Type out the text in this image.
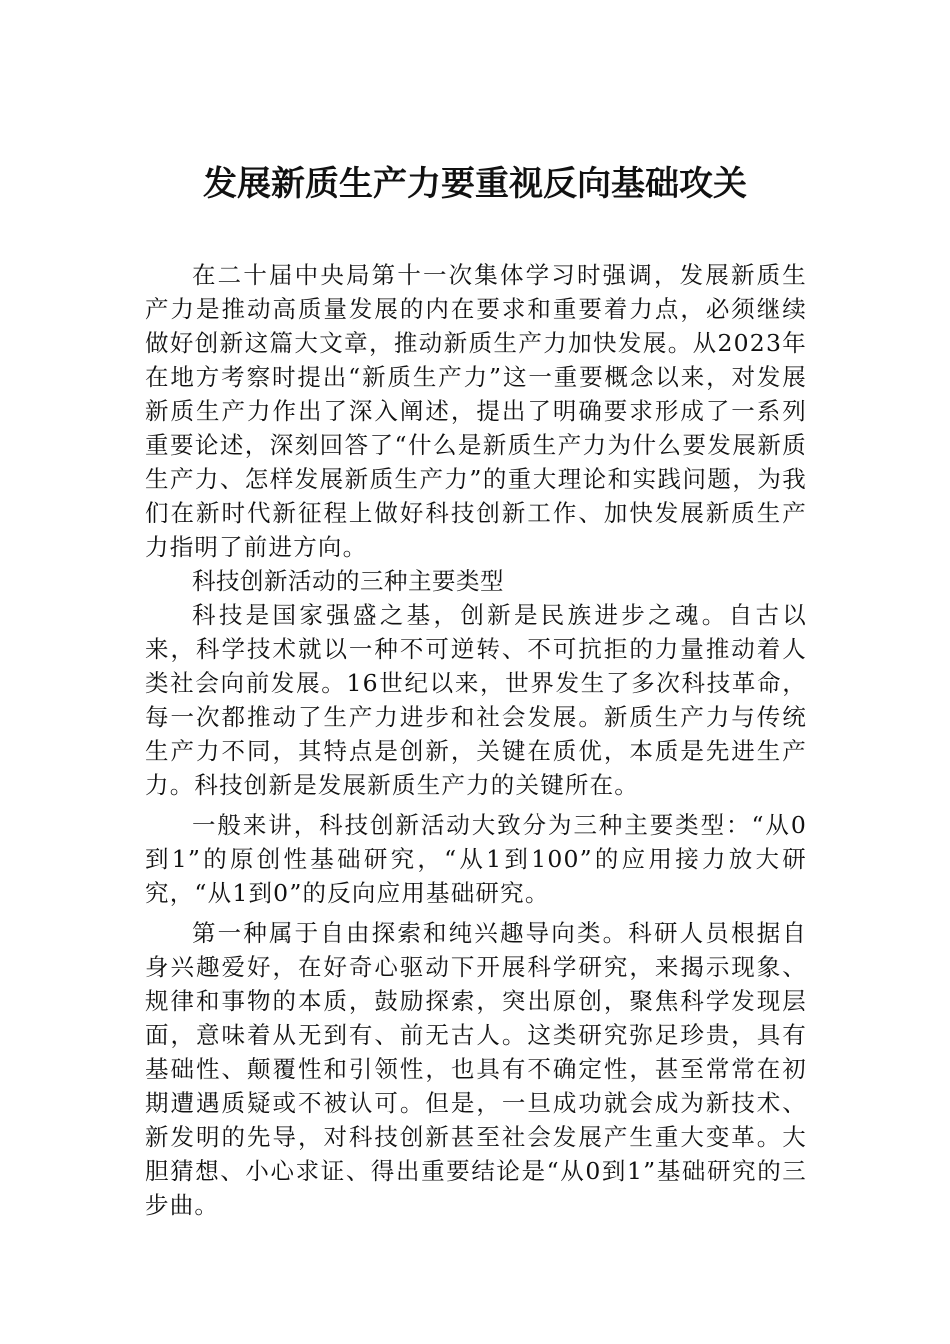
发展新质生产力要重视反向基础攻关

在二十届中央局第十一次集体学习时强调，发展新质生产力是推动高质量发展的内在要求和重要着力点，必须继续做好创新这篇大文章，推动新质生产力加快发展。从2023年在地方考察时提出“新质生产力”这一重要概念以来，对发展新质生产力作出了深入阐述，提出了明确要求形成了一系列重要论述，深刻回答了“什么是新质生产力为什么要发展新质生产力、怎样发展新质生产力”的重大理论和实践问题，为我们在新时代新征程上做好科技创新工作、加快发展新质生产力指明了前进方向。

科技创新活动的三种主要类型

科技是国家强盛之基，创新是民族进步之魂。自古以来，科学技术就以一种不可逆转、不可抗拒的力量推动着人类社会向前发展。16世纪以来，世界发生了多次科技革命，每一次都推动了生产力进步和社会发展。新质生产力与传统生产力不同，其特点是创新，关键在质优，本质是先进生产力。科技创新是发展新质生产力的关键所在。

一般来讲，科技创新活动大致分为三种主要类型：“从0到1”的原创性基础研究，“从1到100”的应用接力放大研究，“从1到0”的反向应用基础研究。

第一种属于自由探索和纯兴趣导向类。科研人员根据自身兴趣爱好，在好奇心驱动下开展科学研究，来揭示现象、规律和事物的本质，鼓励探索，突出原创，聚焦科学发现层面，意味着从无到有、前无古人。这类研究弥足珍贵，具有基础性、颠覆性和引领性，也具有不确定性，甚至常常在初期遭遇质疑或不被认可。但是，一旦成功就会成为新技术、新发明的先导，对科技创新甚至社会发展产生重大变革。大胆猜想、小心求证、得出重要结论是“从0到1”基础研究的三步曲。
